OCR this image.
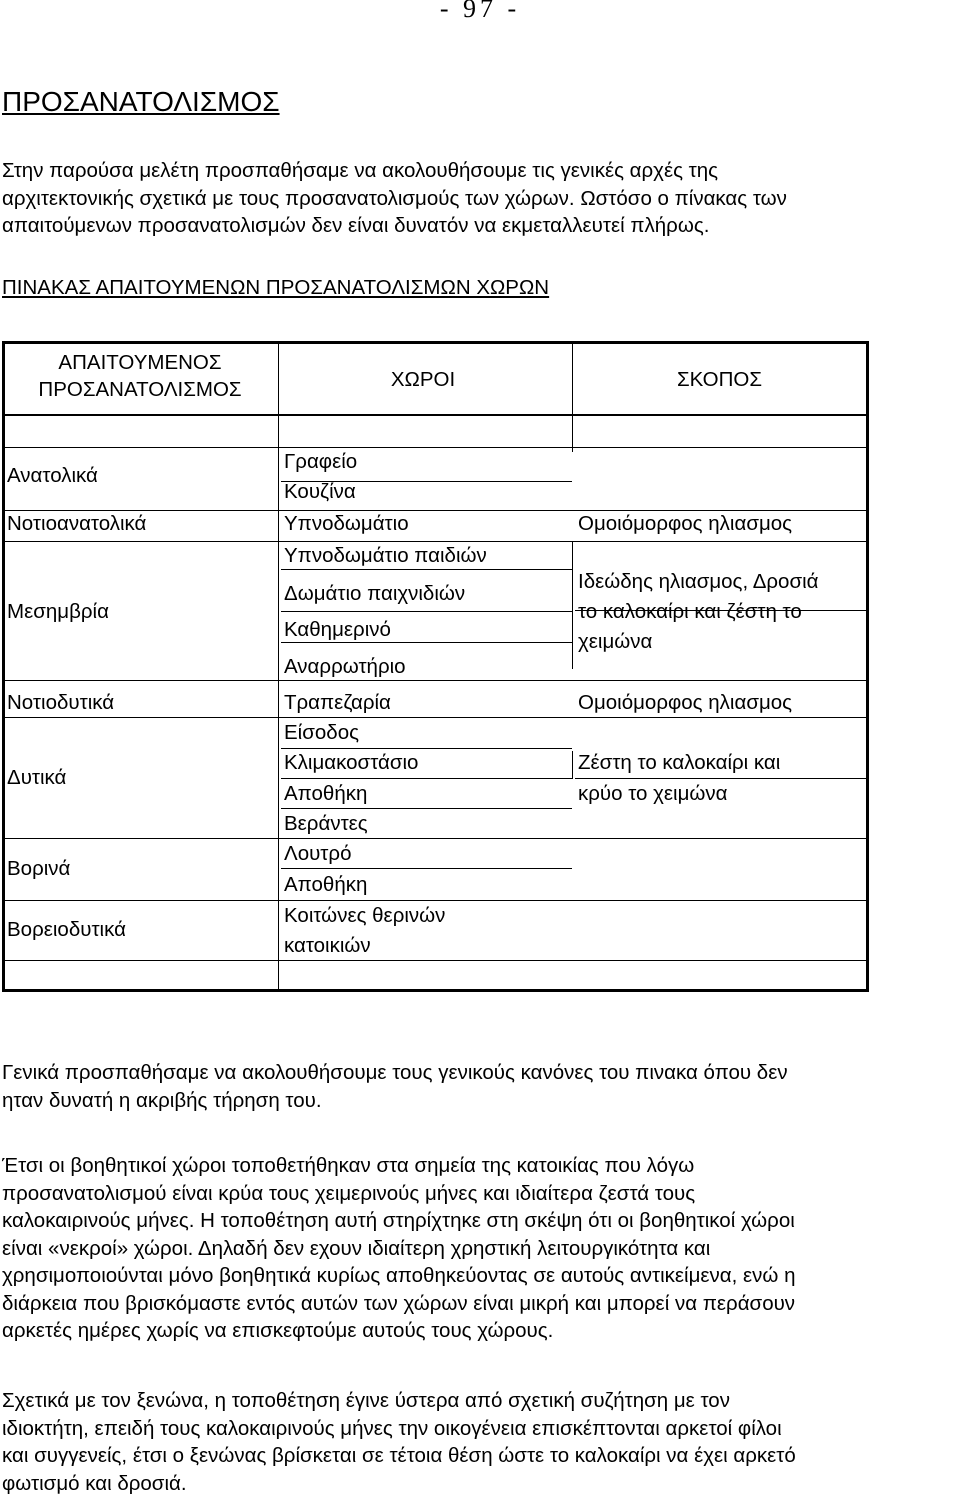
- 97 -
ΠΡΟΣΑΝΑΤΟΛΙΣΜΟΣ
Στην παρούσα μελέτη προσπαθήσαμε να ακολουθήσουμε τις γενικές αρχές της
αρχιτεκτονικής σχετικά με τους προσανατολισμούς των χώρων. Ωστόσο ο πίνακας των
απαιτούμενων προσανατολισμών δεν είναι δυνατόν να εκμεταλλευτεί πλήρως.
ΠΙΝΑΚΑΣ ΑΠΑΙΤΟΥΜΕΝΩΝ ΠΡΟΣΑΝΑΤΟΛΙΣΜΩΝ ΧΩΡΩΝ
ΑΠΑΙΤΟΥΜΕΝΟΣ
ΠΡΟΣΑΝΑΤΟΛΙΣΜΟΣ	ΧΩΡΟΙ	ΣΚΟΠΟΣ
Ανατολικά
Νοτιοανατολικά
Μεσημβρία
Νοτιοδυτικά
Δυτικά
Βορινά
Βορειοδυτικά
Γραφείο
Κουζίνα
Υπνοδωμάτιο
Υπνοδωμάτιο παιδιών
Δωμάτιο παιχνιδιών
Καθημερινό
Αναρρωτήριο
Τραπεζαρία
Είσοδος
Κλιμακοστάσιο
Αποθήκη
Βεράντες
Λουτρό
Αποθήκη
Κοιτώνες θερινών
κατοικιών
Ομοιόμορφος ηλιασμος
Ιδεώδης ηλιασμος, Δροσιά
το καλοκαίρι και ζέστη το
χειμώνα
Ομοιόμορφος ηλιασμος
Ζέστη το καλοκαίρι και
κρύο το χειμώνα
Γενικά προσπαθήσαμε να ακολουθήσουμε τους γενικούς κανόνες του πινακα όπου δεν
ηταν δυνατή η ακριβής τήρηση του.
Έτσι οι βοηθητικοί χώροι τοποθετήθηκαν στα σημεία της κατοικίας που λόγω
προσανατολισμού είναι κρύα τους χειμερινούς μήνες και ιδιαίτερα ζεστά τους
καλοκαιρινούς μήνες. Η τοποθέτηση αυτή στηρίχτηκε στη σκέψη ότι οι βοηθητικοί χώροι
είναι «νεκροί» χώροι. Δηλαδή δεν εχουν ιδιαίτερη χρηστική λειτουργικότητα και
χρησιμοποιούνται μόνο βοηθητικά κυρίως αποθηκεύοντας σε αυτούς αντικείμενα, ενώ η
διάρκεια που βρισκόμαστε εντός αυτών των χώρων είναι μικρή και μπορεί να περάσουν
αρκετές ημέρες χωρίς να επισκεφτούμε αυτούς τους χώρους.
Σχετικά με τον ξενώνα, η τοποθέτηση έγινε ύστερα από σχετική συζήτηση με τον
ιδιοκτήτη, επειδή τους καλοκαιρινούς μήνες την οικογένεια επισκέπτονται αρκετοί φίλοι
και συγγενείς, έτσι ο ξενώνας βρίσκεται σε τέτοια θέση ώστε το καλοκαίρι να έχει αρκετό
φωτισμό και δροσιά.
